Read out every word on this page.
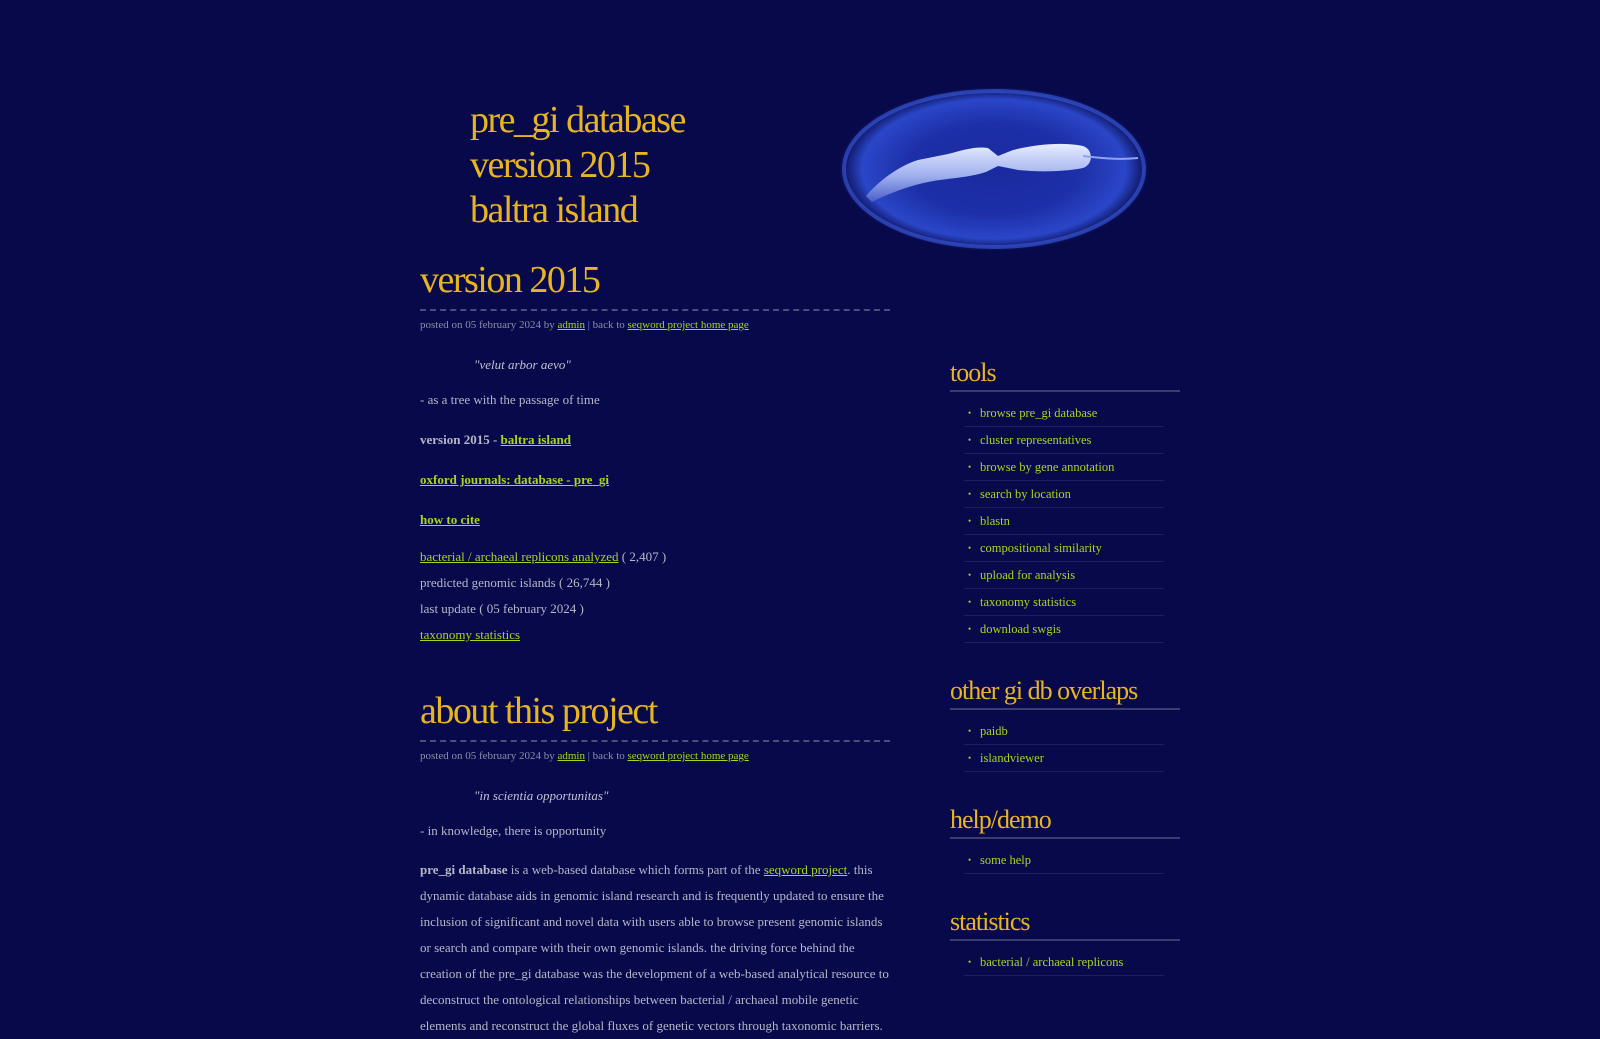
pre_gi database
version 2015
baltra island
version 2015

posted on 05 february 2024 by admin | back to seqword project home page

"velut arbor aevo"

- as a tree with the passage of time

version 2015 - baltra island

oxford journals: database - pre_gi

how to cite

bacterial / archaeal replicons analyzed ( 2,407 )
predicted genomic islands ( 26,744 )
last update ( 05 february 2024 )
taxonomy statistics
about this project

posted on 05 february 2024 by admin | back to seqword project home page

"in scientia opportunitas"

- in knowledge, there is opportunity

pre_gi database is a web-based database which forms part of the seqword project. this dynamic database aids in genomic island research and is frequently updated to ensure the inclusion of significant and novel data with users able to browse present genomic islands or search and compare with their own genomic islands. the driving force behind the creation of the pre_gi database was the development of a web-based analytical resource to deconstruct the ontological relationships between bacterial / archaeal mobile genetic elements and reconstruct the global fluxes of genetic vectors through taxonomic barriers.

tools
• browse pre_gi database
• cluster representatives
• browse by gene annotation
• search by location
• blastn
• compositional similarity
• upload for analysis
• taxonomy statistics
• download swgis
other gi db overlaps
• paidb
• islandviewer
help/demo
• some help
statistics
• bacterial / archaeal replicons
